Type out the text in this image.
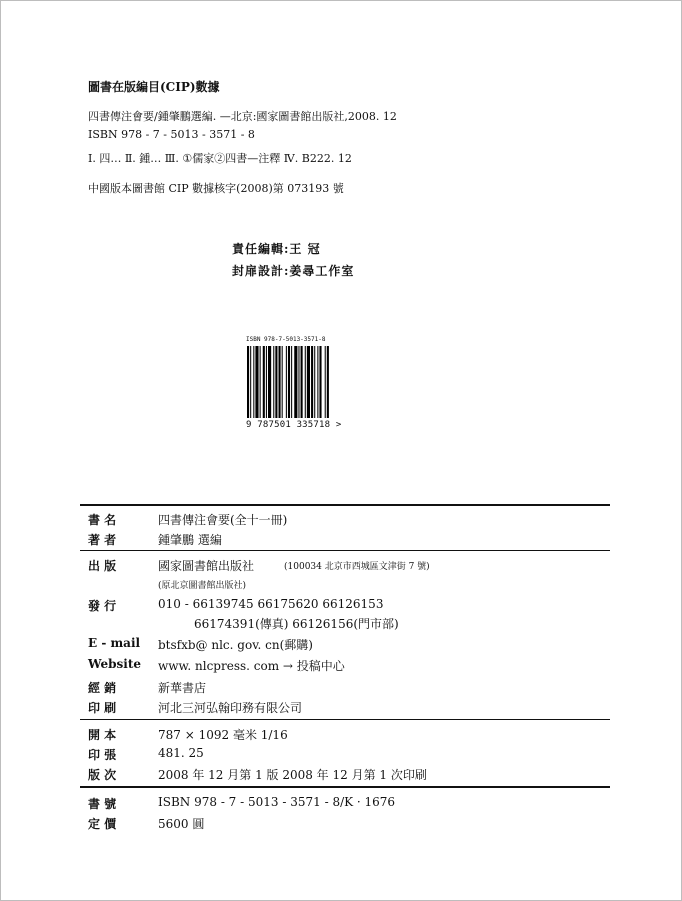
圖書在版編目(CIP)數據
四書傳注會要/鍾肇鵬選編. —北京:國家圖書館出版社,2008. 12
ISBN 978 - 7 - 5013 - 3571 - 8
Ⅰ. 四… Ⅱ. 鍾… Ⅲ. ①儒家②四書—注釋 Ⅳ. B222. 12
中國版本圖書館 CIP 數據核字(2008)第 073193 號
責任編輯:王 冠
封扉設計:姜尋工作室
ISBN 978-7-5013-3571-8
9 787501 335718 >
書 名	四書傳注會要(全十一冊)
著 者	鍾肇鵬 選編
出 版	國家圖書館出版社	(100034 北京市西城區文津街 7 號)
(原北京圖書館出版社)
發 行	010 - 66139745 66175620 66126153
66174391(傳真) 66126156(門市部)
E - mail btsfxb@ nlc. gov. cn(郵購)
Website www. nlcpress. com → 投稿中心
經 銷	新華書店
印 刷	河北三河弘翰印務有限公司
開 本	787 × 1092 毫米 1/16
印 張	481. 25
版 次	2008 年 12 月第 1 版 2008 年 12 月第 1 次印刷
書 號	ISBN 978 - 7 - 5013 - 3571 - 8/K · 1676
定 價	5600 圓
